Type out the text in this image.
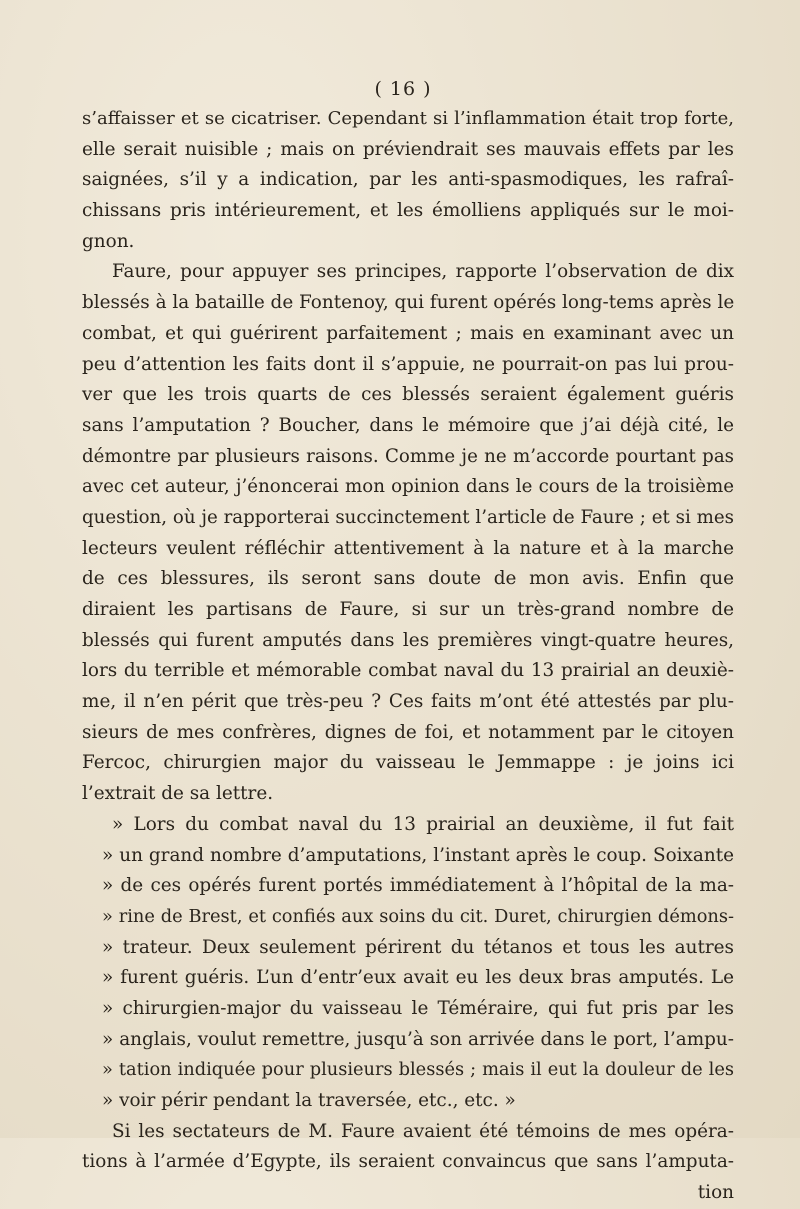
( 16 )
s’affaisser et se cicatriser. Cependant si l’inflammation était trop forte,
elle serait nuisible ; mais on préviendrait ses mauvais effets par les
saignées, s’il y a indication, par les anti-spasmodiques, les rafraî-
chissans pris intérieurement, et les émolliens appliqués sur le moi-
gnon.
Faure, pour appuyer ses principes, rapporte l’observation de dix
blessés à la bataille de Fontenoy, qui furent opérés long-tems après le
combat, et qui guérirent parfaitement ; mais en examinant avec un
peu d’attention les faits dont il s’appuie, ne pourrait-on pas lui prou-
ver que les trois quarts de ces blessés seraient également guéris
sans l’amputation ? Boucher, dans le mémoire que j’ai déjà cité, le
démontre par plusieurs raisons. Comme je ne m’accorde pourtant pas
avec cet auteur, j’énoncerai mon opinion dans le cours de la troisième
question, où je rapporterai succinctement l’article de Faure ; et si mes
lecteurs veulent réfléchir attentivement à la nature et à la marche
de ces blessures, ils seront sans doute de mon avis. Enfin que
diraient les partisans de Faure, si sur un très-grand nombre de
blessés qui furent amputés dans les premières vingt-quatre heures,
lors du terrible et mémorable combat naval du 13 prairial an deuxiè-
me, il n’en périt que très-peu ? Ces faits m’ont été attestés par plu-
sieurs de mes confrères, dignes de foi, et notamment par le citoyen
Fercoc, chirurgien major du vaisseau le Jemmappe : je joins ici
l’extrait de sa lettre.
» Lors du combat naval du 13 prairial an deuxième, il fut fait
» un grand nombre d’amputations, l’instant après le coup. Soixante
» de ces opérés furent portés immédiatement à l’hôpital de la ma-
» rine de Brest, et confiés aux soins du cit. Duret, chirurgien démons-
» trateur. Deux seulement périrent du tétanos et tous les autres
» furent guéris. L’un d’entr’eux avait eu les deux bras amputés. Le
» chirurgien-major du vaisseau le Téméraire, qui fut pris par les
» anglais, voulut remettre, jusqu’à son arrivée dans le port, l’ampu-
» tation indiquée pour plusieurs blessés ; mais il eut la douleur de les
» voir périr pendant la traversée, etc., etc. »
Si les sectateurs de M. Faure avaient été témoins de mes opéra-
tions à l’armée d’Egypte, ils seraient convaincus que sans l’amputa-
tion
